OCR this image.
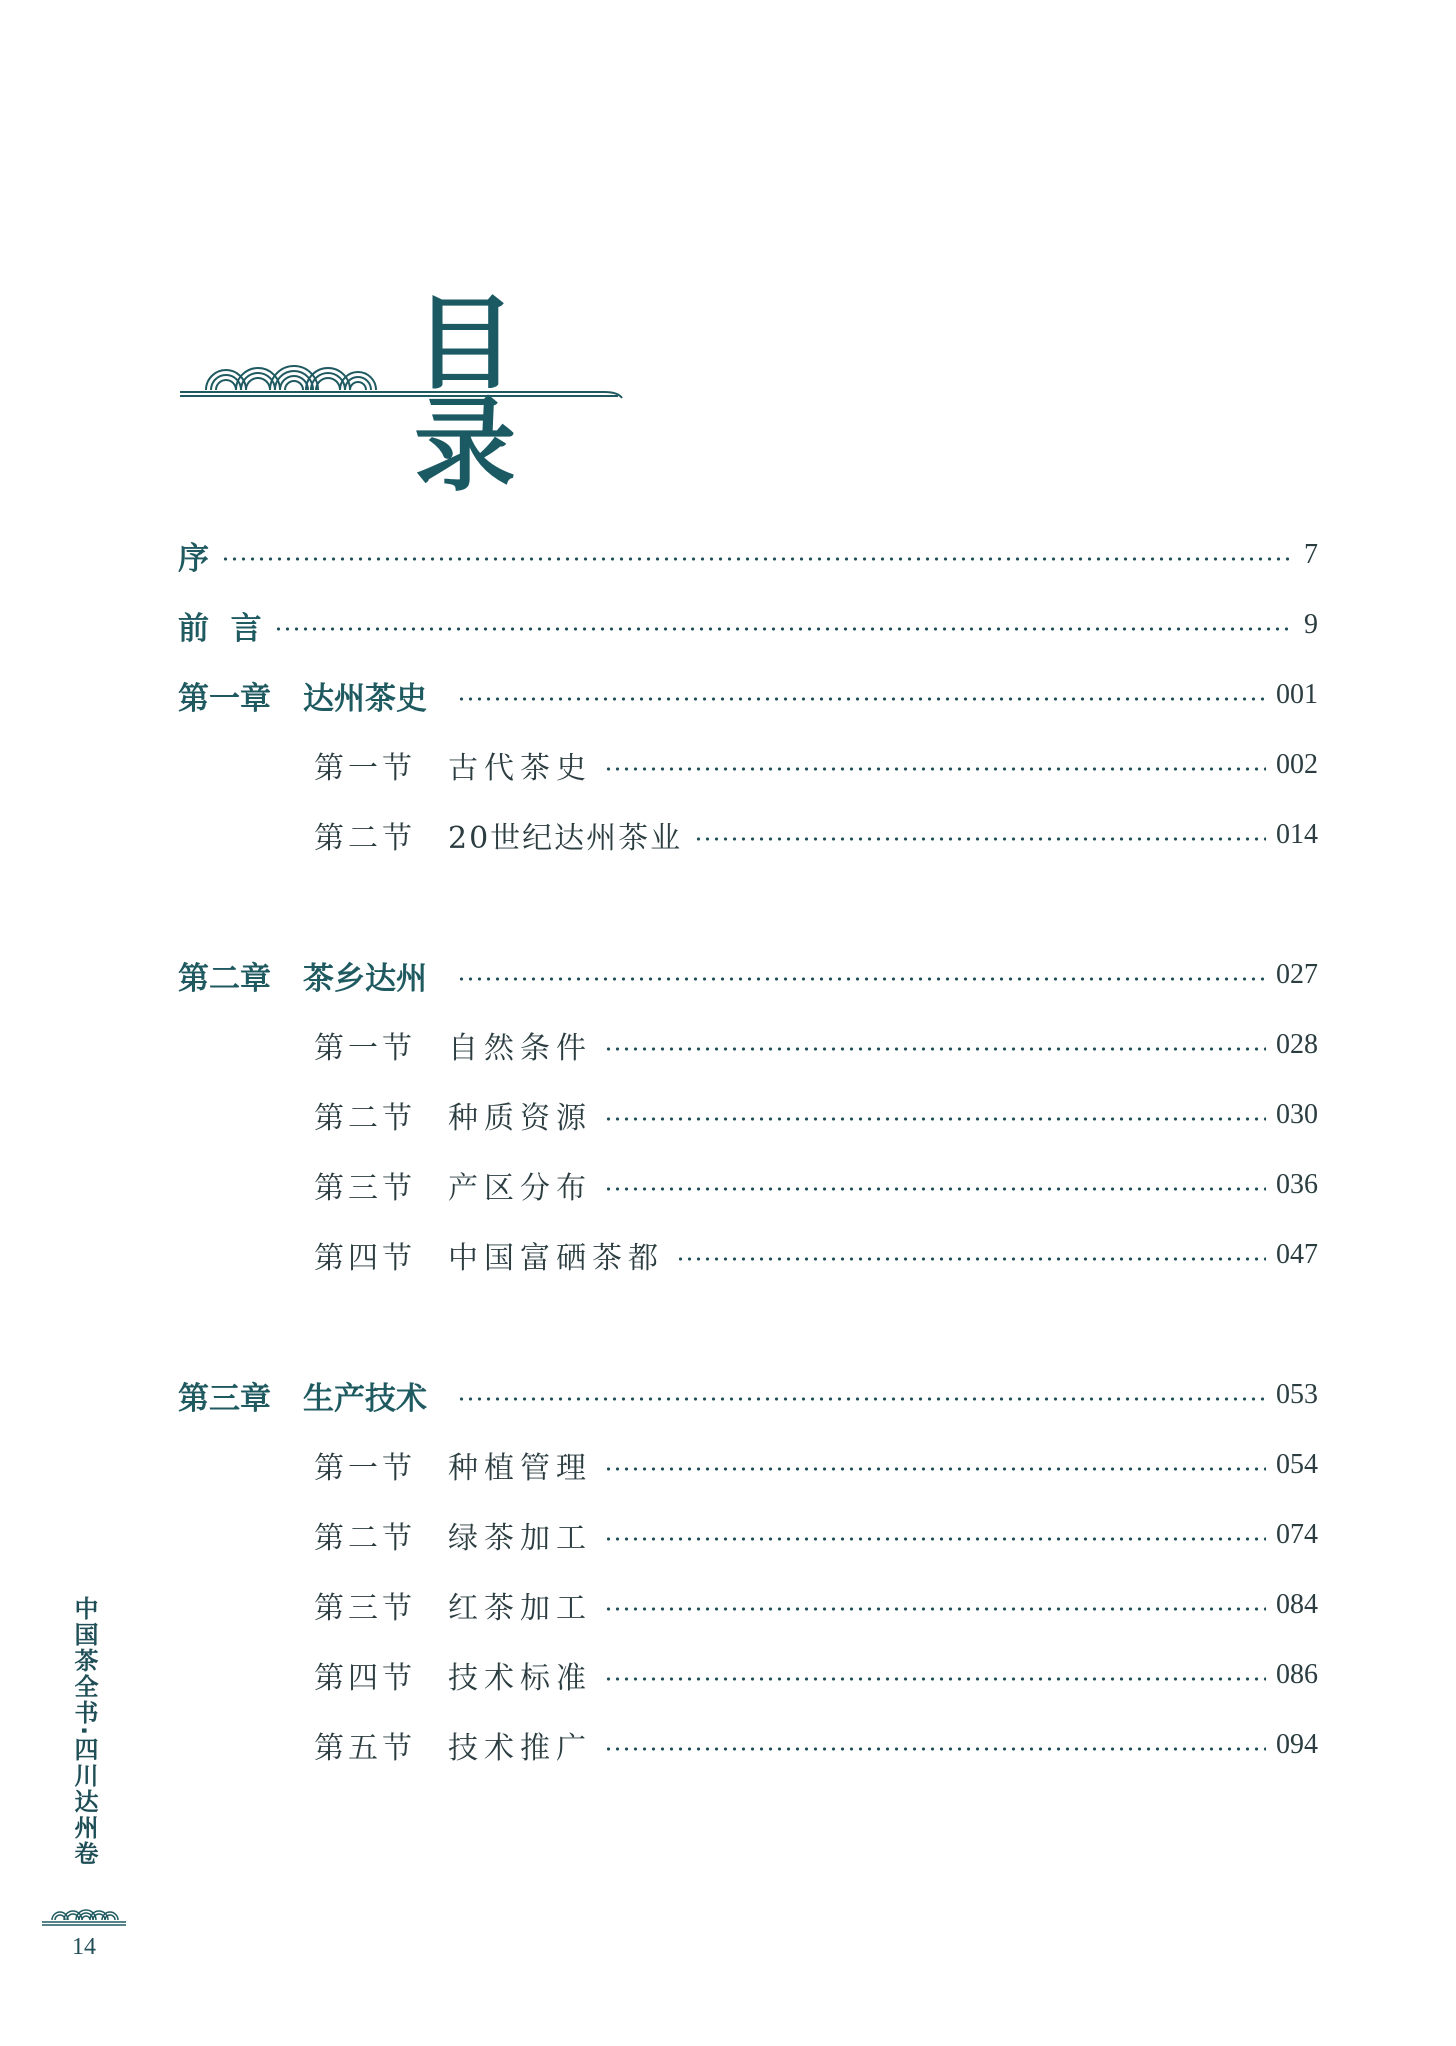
目 录
序	7
前  言	9
第一章 达州茶史	001
第一节 古代茶史	002
第二节 20世纪达州茶业	014
第二章 茶乡达州	027
第一节 自然条件	028
第二节 种质资源	030
第三节 产区分布	036
第四节 中国富硒茶都	047
第三章 生产技术	053
第一节 种植管理	054
第二节 绿茶加工	074
第三节 红茶加工	084
第四节 技术标准	086
第五节 技术推广	094
中国茶全书·四川达州卷
14
